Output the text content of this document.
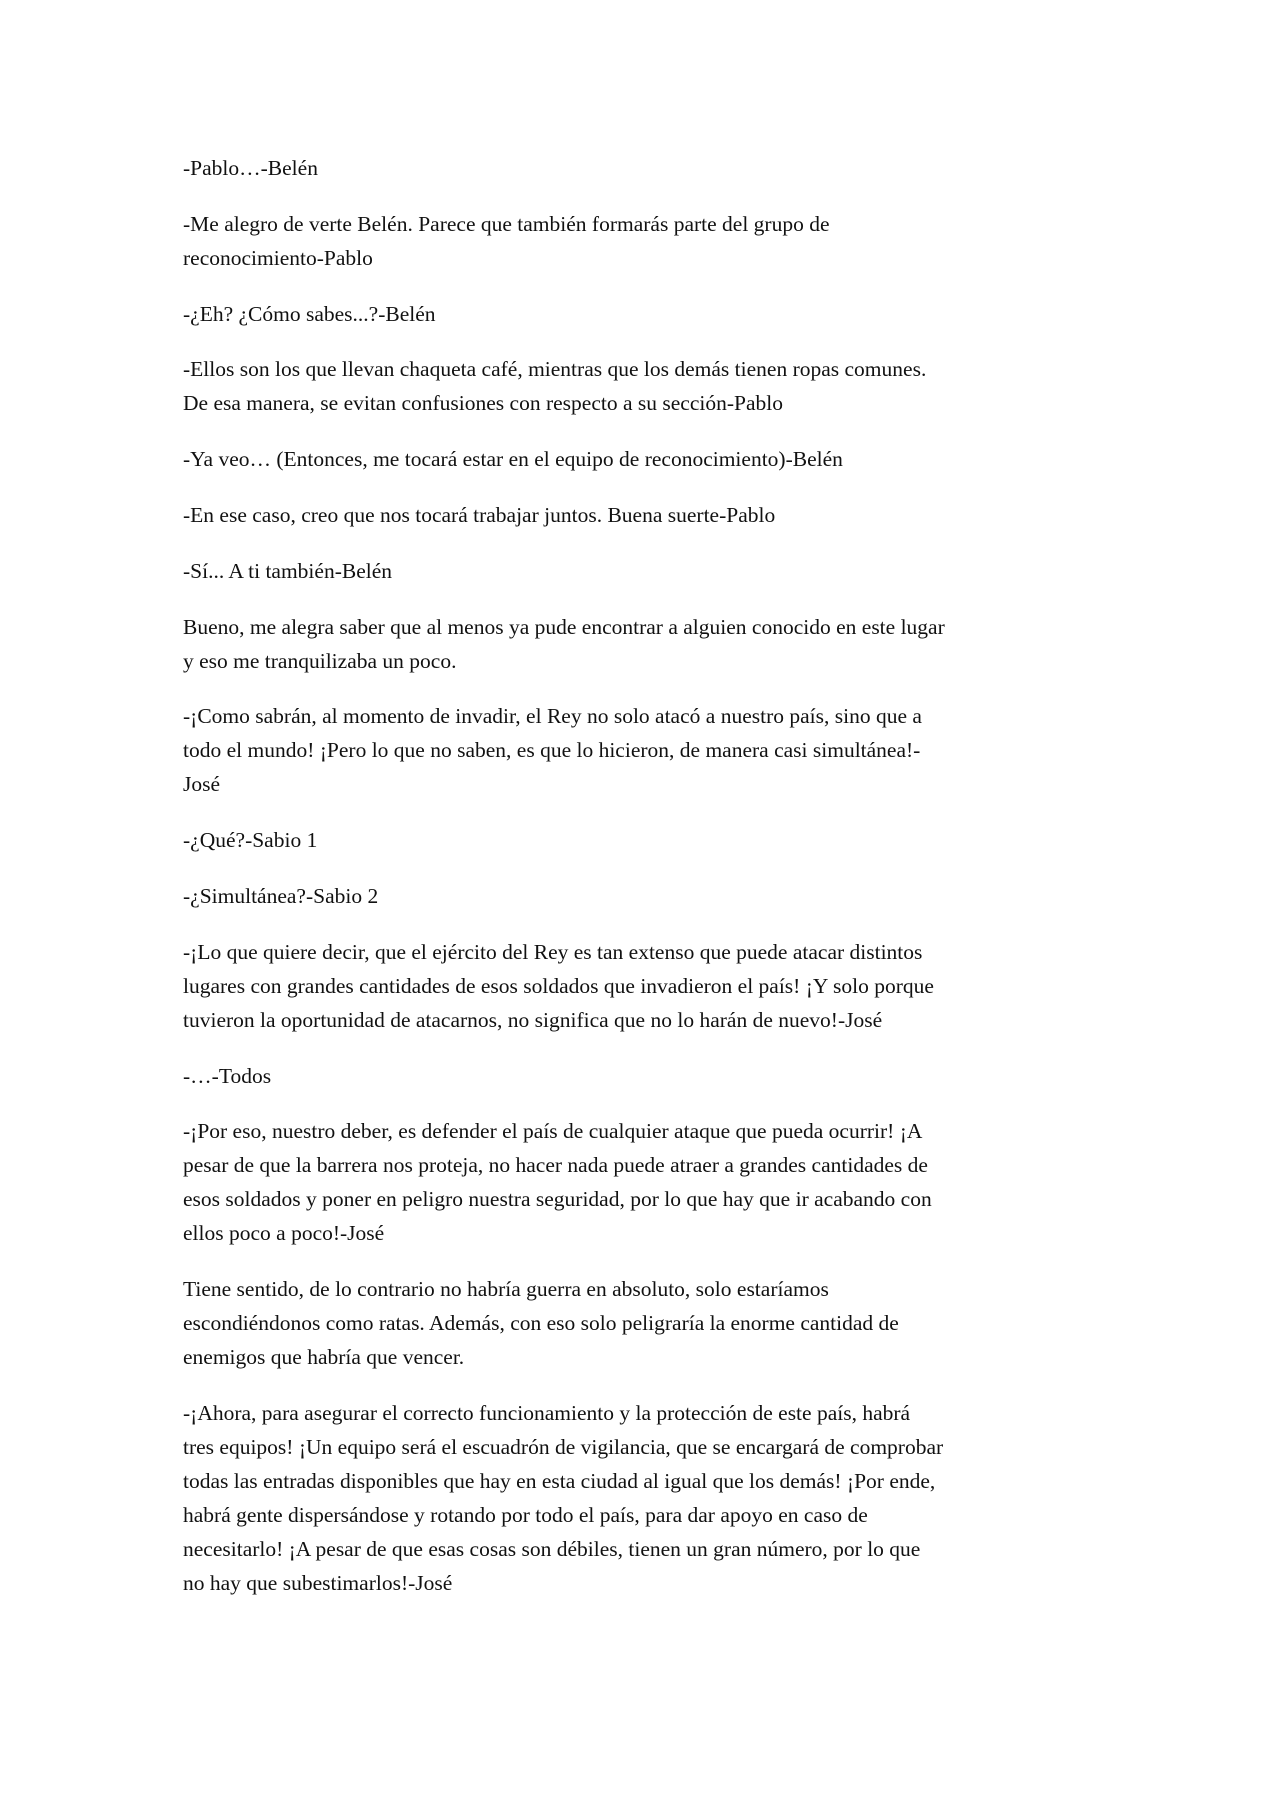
-Pablo…-Belén

-Me alegro de verte Belén. Parece que también formarás parte del grupo de
reconocimiento-Pablo

-¿Eh? ¿Cómo sabes...?-Belén

-Ellos son los que llevan chaqueta café, mientras que los demás tienen ropas comunes.
De esa manera, se evitan confusiones con respecto a su sección-Pablo

-Ya veo… (Entonces, me tocará estar en el equipo de reconocimiento)-Belén

-En ese caso, creo que nos tocará trabajar juntos. Buena suerte-Pablo

-Sí... A ti también-Belén

Bueno, me alegra saber que al menos ya pude encontrar a alguien conocido en este lugar
y eso me tranquilizaba un poco.

-¡Como sabrán, al momento de invadir, el Rey no solo atacó a nuestro país, sino que a
todo el mundo! ¡Pero lo que no saben, es que lo hicieron, de manera casi simultánea!-
José

-¿Qué?-Sabio 1

-¿Simultánea?-Sabio 2

-¡Lo que quiere decir, que el ejército del Rey es tan extenso que puede atacar distintos
lugares con grandes cantidades de esos soldados que invadieron el país! ¡Y solo porque
tuvieron la oportunidad de atacarnos, no significa que no lo harán de nuevo!-José

-…-Todos

-¡Por eso, nuestro deber, es defender el país de cualquier ataque que pueda ocurrir! ¡A
pesar de que la barrera nos proteja, no hacer nada puede atraer a grandes cantidades de
esos soldados y poner en peligro nuestra seguridad, por lo que hay que ir acabando con
ellos poco a poco!-José

Tiene sentido, de lo contrario no habría guerra en absoluto, solo estaríamos
escondiéndonos como ratas. Además, con eso solo peligraría la enorme cantidad de
enemigos que habría que vencer.

-¡Ahora, para asegurar el correcto funcionamiento y la protección de este país, habrá
tres equipos! ¡Un equipo será el escuadrón de vigilancia, que se encargará de comprobar
todas las entradas disponibles que hay en esta ciudad al igual que los demás! ¡Por ende,
habrá gente dispersándose y rotando por todo el país, para dar apoyo en caso de
necesitarlo! ¡A pesar de que esas cosas son débiles, tienen un gran número, por lo que
no hay que subestimarlos!-José
